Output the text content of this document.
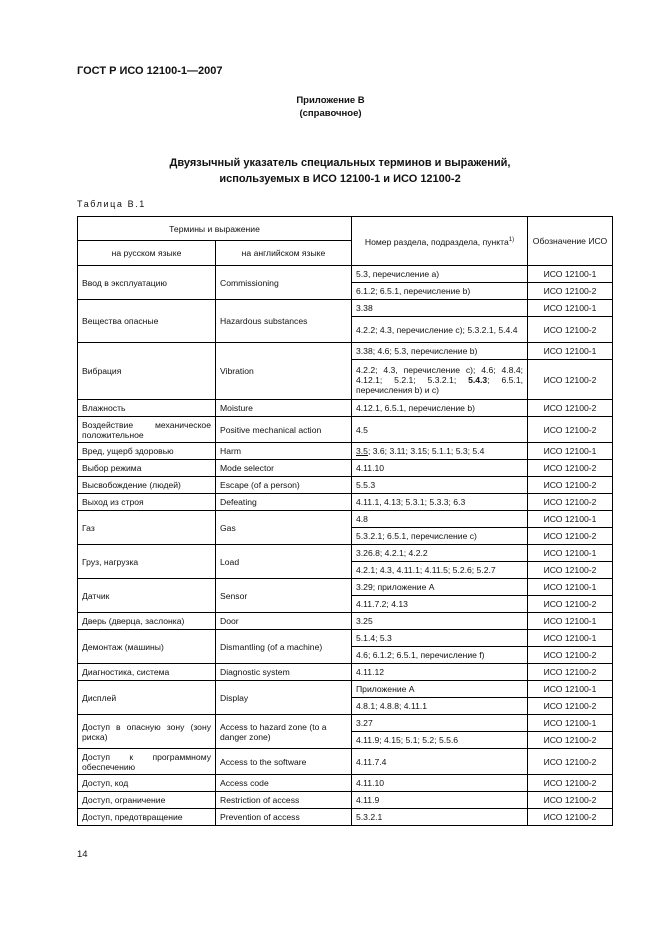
ГОСТ Р ИСО 12100-1—2007
Приложение В
(справочное)
Двуязычный указатель специальных терминов и выражений,
используемых в ИСО 12100-1 и ИСО 12100-2
Таблица В.1
Термины и выражение		Номер раздела, подраздела, пункта$^{1)}$	Обозначение ИСО
на русском языке	на английском языке		
Ввод в эксплуатацию	Commissioning	5.3, перечисление a)	ИСО 12100-1
		6.1.2; 6.5.1, перечисление b)	ИСО 12100-2
Вещества опасные	Hazardous substances	3.38	ИСО 12100-1
		4.2.2; 4.3, перечисление c); 5.3.2.1, 5.4.4	ИСО 12100-2
Вибрация	Vibration	3.38; 4.6; 5.3, перечисление b)	ИСО 12100-1
		4.2.2; 4.3, перечисление c); 4.6; 4.8.4; 4.12.1; 5.2.1; 5.3.2.1; 5.4.3; 6.5.1, перечисления b) и c)	ИСО 12100-2
Влажность	Moisture	4.12.1, 6.5.1, перечисление b)	ИСО 12100-2
Воздействие механическое положительное	Positive mechanical action	4.5	ИСО 12100-2
Вред, ущерб здоровью	Harm	3.5; 3.6; 3.11; 3.15; 5.1.1; 5.3; 5.4	ИСО 12100-1
Выбор режима	Mode selector	4.11.10	ИСО 12100-2
Высвобождение (людей)	Escape (of a person)	5.5.3	ИСО 12100-2
Выход из строя	Defeating	4.11.1, 4.13; 5.3.1; 5.3.3; 6.3	ИСО 12100-2
Газ	Gas	4.8	ИСО 12100-1
		5.3.2.1; 6.5.1, перечисление c)	ИСО 12100-2
Груз, нагрузка	Load	3.26.8; 4.2.1; 4.2.2	ИСО 12100-1
		4.2.1; 4.3, 4.11.1; 4.11.5; 5.2.6; 5.2.7	ИСО 12100-2
Датчик	Sensor	3.29; приложение A	ИСО 12100-1
		4.11.7.2; 4.13	ИСО 12100-2
Дверь (дверца, заслонка)	Door	3.25	ИСО 12100-1
Демонтаж (машины)	Dismantling (of a machine)	5.1.4; 5.3	ИСО 12100-1
		4.6; 6.1.2; 6.5.1, перечисление f)	ИСО 12100-2
Диагностика, система	Diagnostic system	4.11.12	ИСО 12100-2
Дисплей	Display	Приложение A	ИСО 12100-1
		4.8.1; 4.8.8; 4.11.1	ИСО 12100-2
Доступ в опасную зону (зону риска)	Access to hazard zone (to a danger zone)	3.27	ИСО 12100-1
		4.11.9; 4.15; 5.1; 5.2; 5.5.6	ИСО 12100-2
Доступ к программному обеспечению	Access to the software	4.11.7.4	ИСО 12100-2
Доступ, код	Access code	4.11.10	ИСО 12100-2
Доступ, ограничение	Restriction of access	4.11.9	ИСО 12100-2
Доступ, предотвращение	Prevention of access	5.3.2.1	ИСО 12100-2
14
